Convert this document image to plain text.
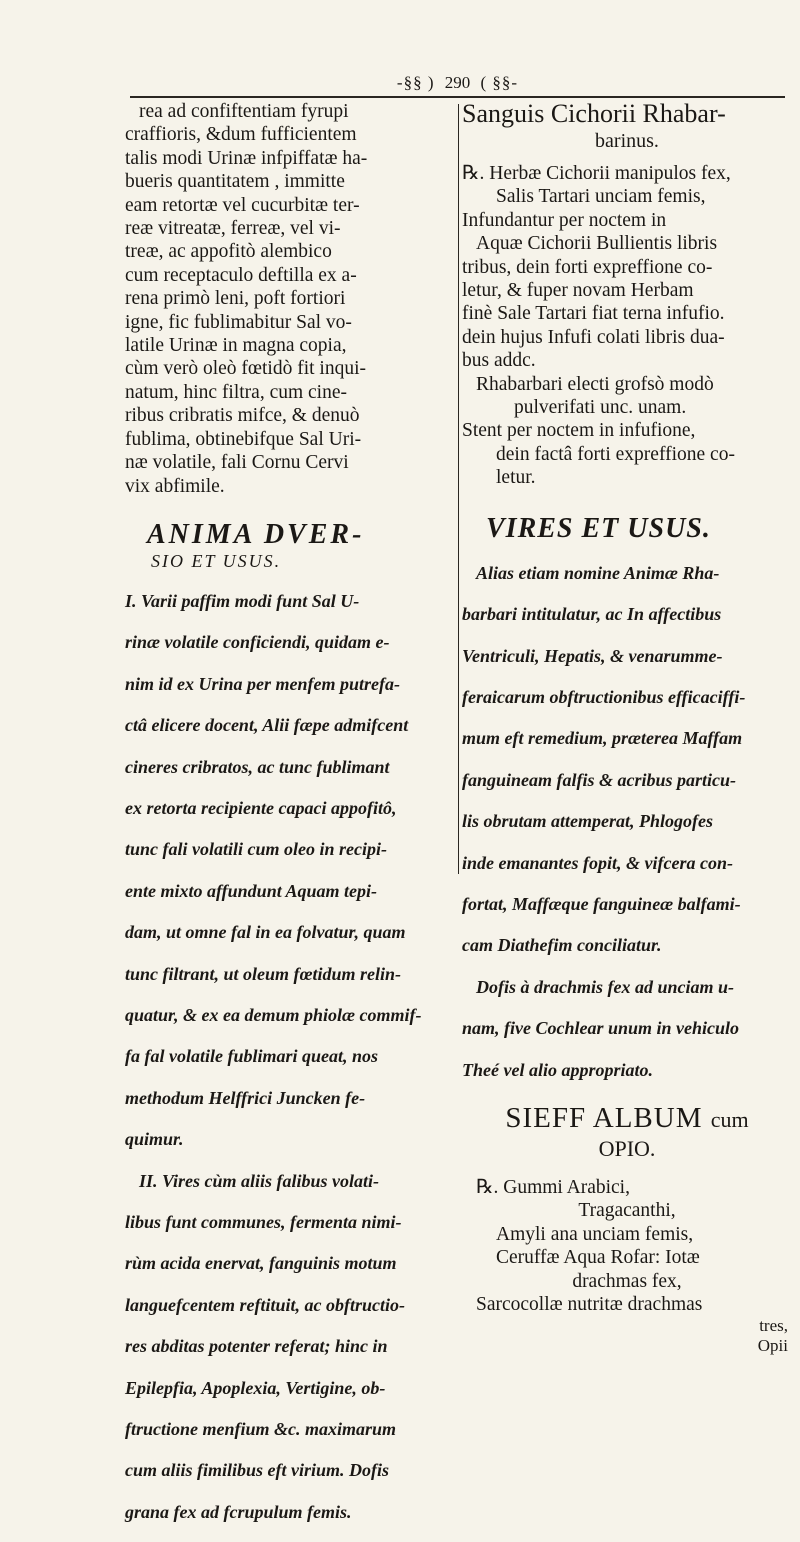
-§§ ) 290 ( §§-

rea ad confiftentiam fyrupi

craffioris, &dum fufficientem

talis modi Urinæ infpiffatæ ha-

bueris quantitatem , immitte

eam retortæ vel cucurbitæ ter-

reæ vitreatæ, ferreæ, vel vi-

treæ, ac appofitò alembico

cum receptaculo deftilla ex a-

rena primò leni, poft fortiori

igne, fic fublimabitur Sal vo-

latile Urinæ in magna copia,

cùm verò oleò fœtidò fit inqui-

natum, hinc filtra, cum cine-

ribus cribratis mifce, & denuò

fublima, obtinebifque Sal Uri-

næ volatile, fali Cornu Cervi

vix abfimile.

ANIMA DVER-
SIO ET USUS.

I. Varii paffim modi funt Sal U-

rinæ volatile conficiendi, quidam e-

nim id ex Urina per menfem putrefa-

ctâ elicere docent, Alii fæpe admifcent

cineres cribratos, ac tunc fublimant

ex retorta recipiente capaci appofitô,

tunc fali volatili cum oleo in recipi-

ente mixto affundunt Aquam tepi-

dam, ut omne fal in ea folvatur, quam

tunc filtrant, ut oleum fœtidum relin-

quatur, & ex ea demum phiolæ commif-

fa fal volatile fublimari queat, nos

methodum Helffrici Juncken fe-

quimur.

II. Vires cùm aliis falibus volati-

libus funt communes, fermenta nimi-

rùm acida enervat, fanguinis motum

languefcentem reftituit, ac obftructio-

res abditas potenter referat; hinc in

Epilepfia, Apoplexia, Vertigine, ob-

ftructione menfium &c. maximarum

cum aliis fimilibus eft virium. Dofis

grana fex ad fcrupulum femis.

Sanguis Cichorii Rhabar-

barinus.

℞. Herbæ Cichorii manipulos fex,

Salis Tartari unciam femis,

Infundantur per noctem in

Aquæ Cichorii Bullientis libris

tribus, dein forti expreffione co-

letur, & fuper novam Herbam

finè Sale Tartari fiat terna infufio.

dein hujus Infufi colati libris dua-

bus addc.

Rhabarbari electi grofsò modò

pulverifati unc. unam.

Stent per noctem in infufione,

dein factâ forti expreffione co-

letur.

VIRES ET USUS.

Alias etiam nomine Animæ Rha-

barbari intitulatur, ac In affectibus

Ventriculi, Hepatis, & venarumme-

feraicarum obftructionibus efficaciffi-

mum eft remedium, præterea Maffam

fanguineam falfis & acribus particu-

lis obrutam attemperat, Phlogofes

inde emanantes fopit, & vifcera con-

fortat, Maffæque fanguineæ balfami-

cam Diathefim conciliatur.

Dofis à drachmis fex ad unciam u-

nam, five Cochlear unum in vehiculo

Theé vel alio appropriato.

SIEFF ALBUM cum

OPIO.

℞. Gummi Arabici,

Tragacanthi,

Amyli ana unciam femis,

Ceruffæ Aqua Rofar: Iotæ

drachmas fex,

Sarcocollæ nutritæ drachmas

tres,

Opii
